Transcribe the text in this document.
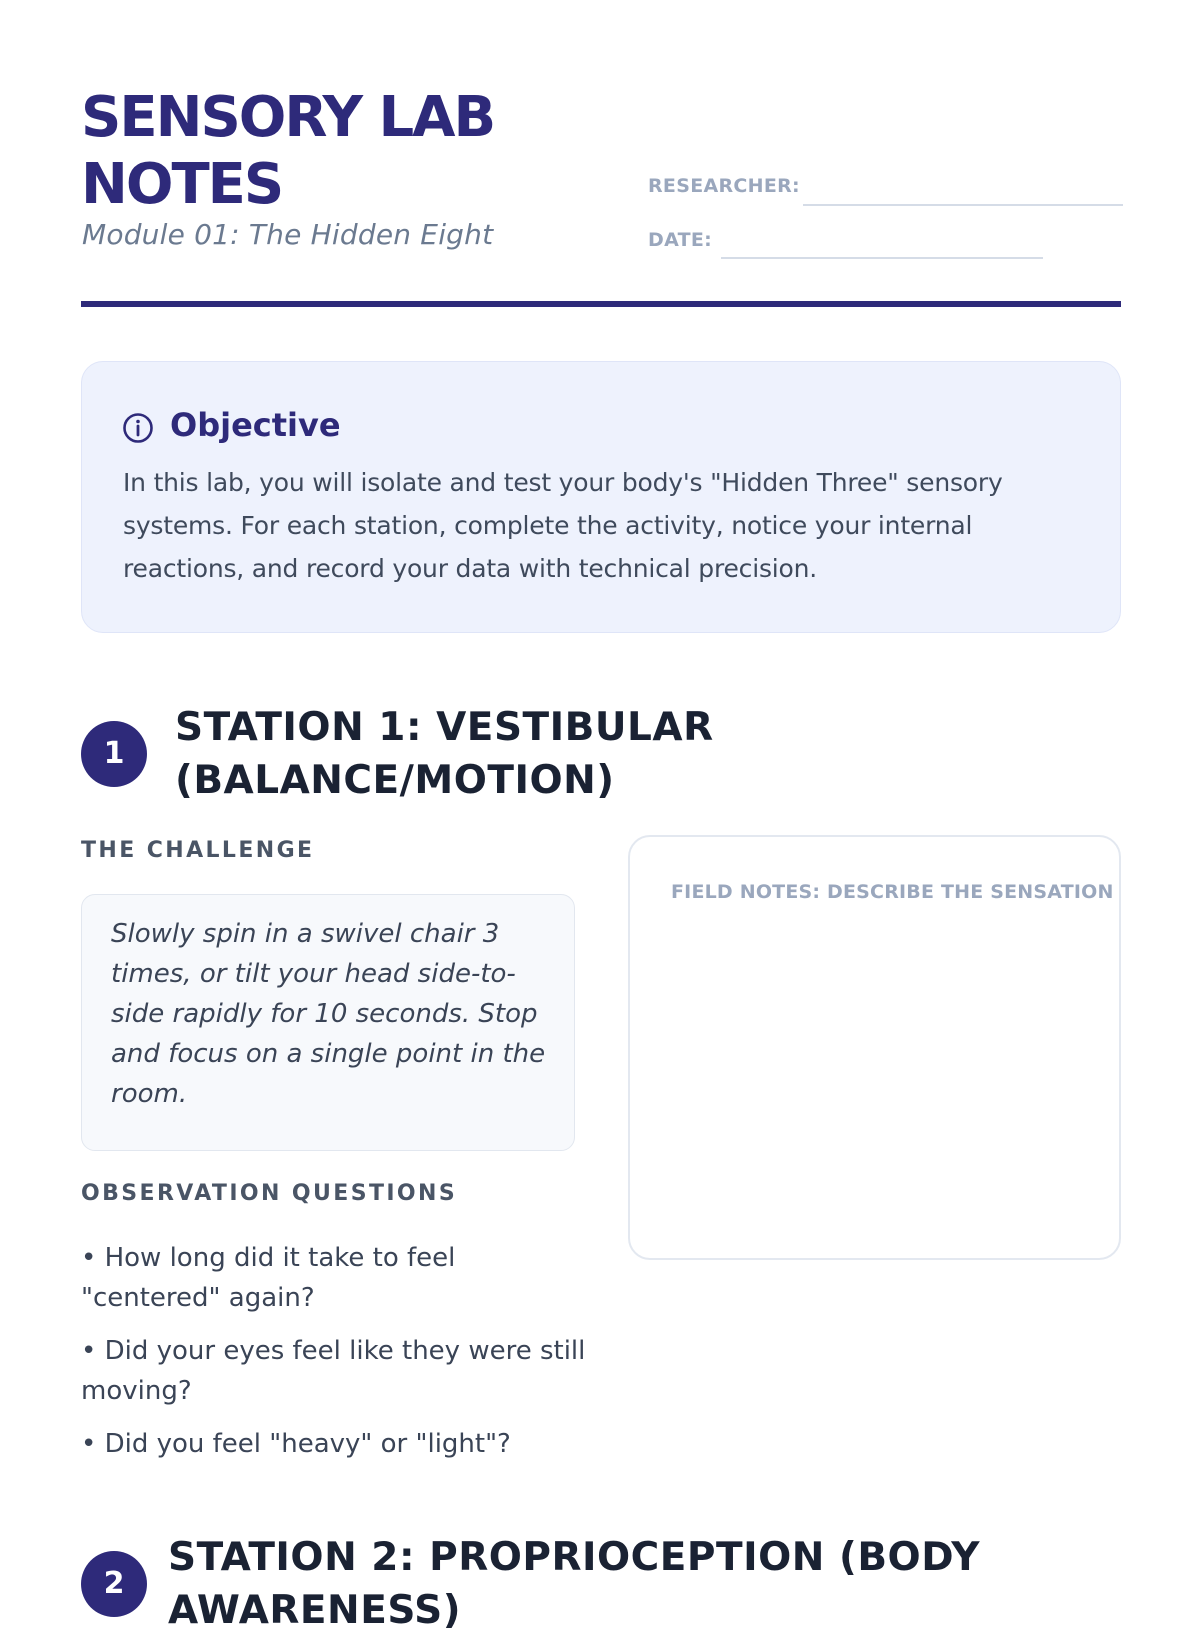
SENSORY LAB NOTES
Module 01: The Hidden Eight
RESEARCHER:
DATE:
Objective
In this lab, you will isolate and test your body's "Hidden Three" sensory systems. For each station, complete the activity, notice your internal reactions, and record your data with technical precision.
1
STATION 1: VESTIBULAR (BALANCE/MOTION)
THE CHALLENGE
Slowly spin in a swivel chair 3 times, or tilt your head side-to-side rapidly for 10 seconds. Stop and focus on a single point in the room.
OBSERVATION QUESTIONS
• How long did it take to feel "centered" again?
• Did your eyes feel like they were still moving?
• Did you feel "heavy" or "light"?
FIELD NOTES: DESCRIBE THE SENSATION
2
STATION 2: PROPRIOCEPTION (BODY AWARENESS)
